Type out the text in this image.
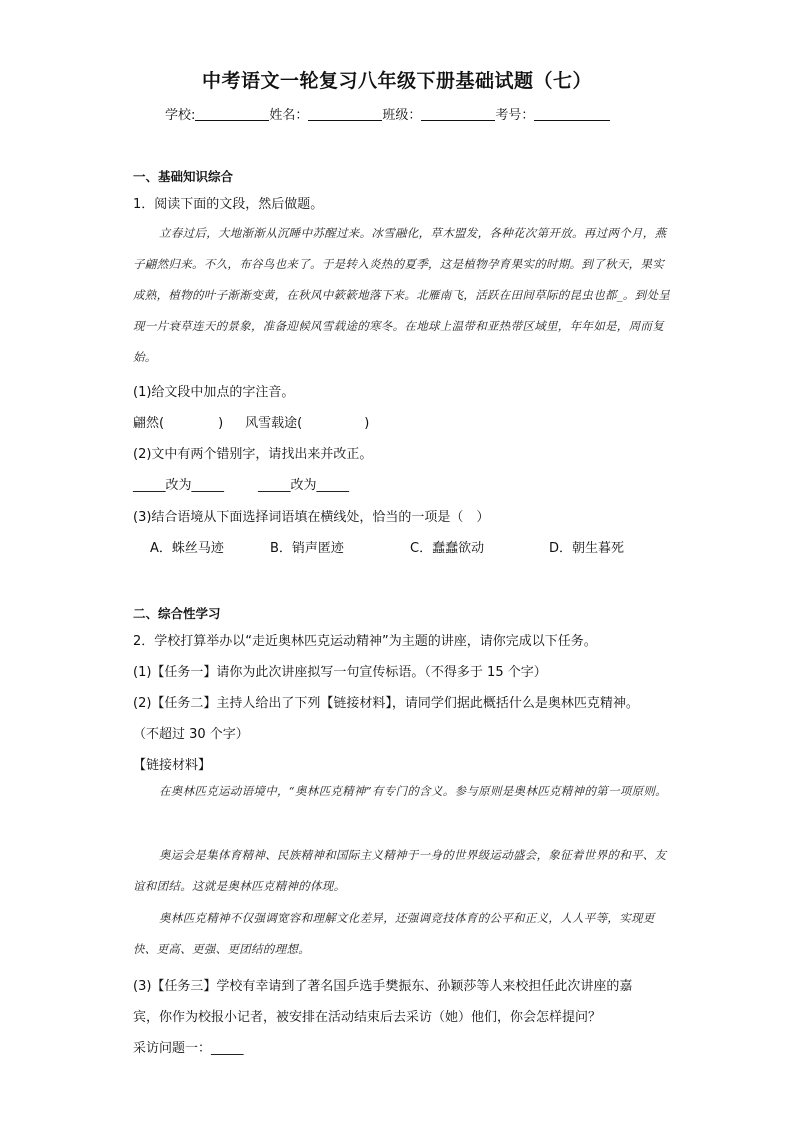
中考语文一轮复习八年级下册基础试题（七）
学校:	姓名：	班级：	考号：
一、基础知识综合
1．阅读下面的文段，然后做题。
立春过后，大地渐渐从沉睡中苏醒过来。冰雪融化，草木盟发，各种花次第开放。再过两个月，燕子翩然归来。不久，布谷鸟也来了。于是转入炎热的夏季，这是植物孕育果实的时期。到了秋天，果实成熟，植物的叶子渐渐变黄，在秋风中簌簌地落下来。北雁南飞，活跃在田间草际的昆虫也都_。到处呈现一片衰草连天的景象，准备迎候风雪载途的寒冬。在地球上温带和亚热带区域里，年年如是，周而复始。
(1)给文段中加点的字注音。
翩然(	) 风雪载途(	)
(2)文中有两个错别字，请找出来并改正。
_____改为_____	_____改为_____
(3)结合语境从下面选择词语填在横线处，恰当的一项是（　）
A．蛛丝马迹	B．销声匿迹	C．蠢蠢欲动	D．朝生暮死
二、综合性学习
2．学校打算举办以“走近奥林匹克运动精神”为主题的讲座，请你完成以下任务。
(1)【任务一】请你为此次讲座拟写一句宣传标语。（不得多于 15 个字）
(2)【任务二】主持人给出了下列【链接材料】，请同学们据此概括什么是奥林匹克精神。
（不超过 30 个字）
【链接材料】
在奥林匹克运动语境中，“奥林匹克精神”有专门的含义。参与原则是奥林匹克精神的第一项原则。
奥运会是集体育精神、民族精神和国际主义精神于一身的世界级运动盛会，象征着世界的和平、友谊和团结。这就是奥林匹克精神的体现。
奥林匹克精神不仅强调宽容和理解文化差异，还强调竞技体育的公平和正义，人人平等，实现更快、更高、更强、更团结的理想。
(3)【任务三】学校有幸请到了著名国乒选手樊振东、孙颖莎等人来校担任此次讲座的嘉
宾，你作为校报小记者，被安排在活动结束后去采访（她）他们，你会怎样提问？
采访问题一：_____
